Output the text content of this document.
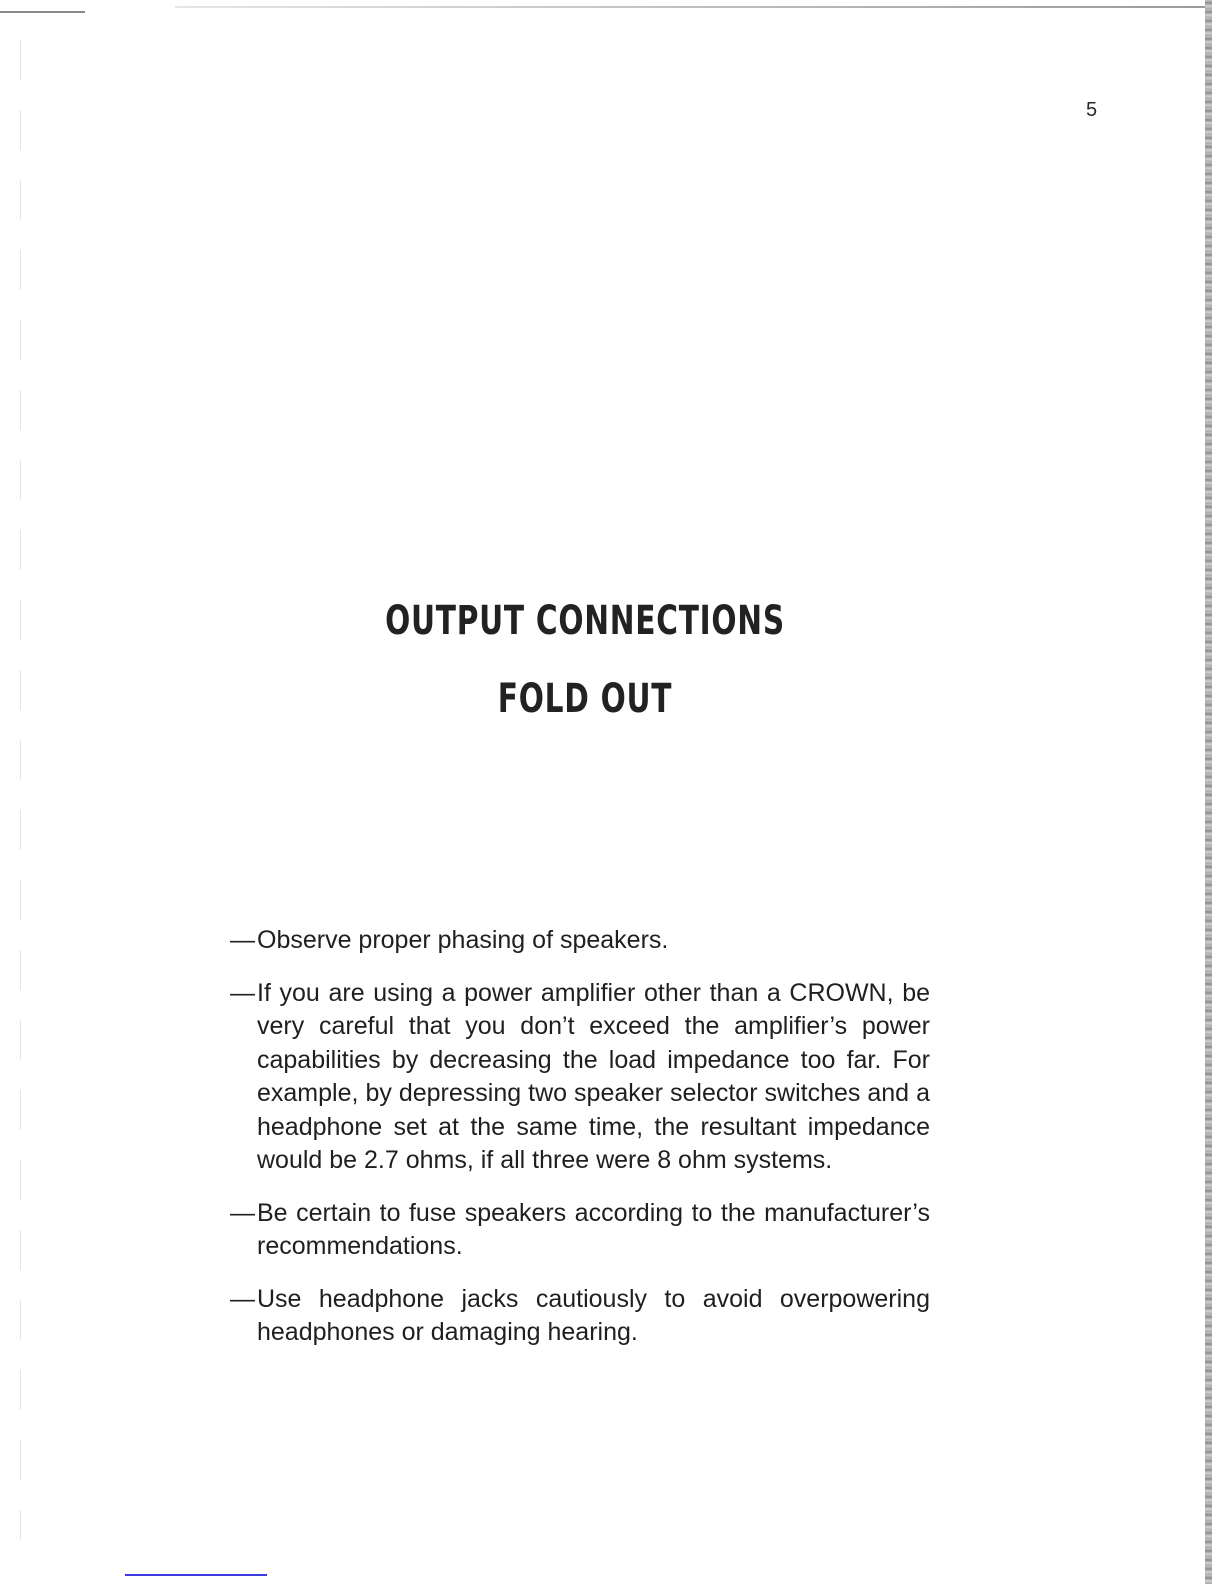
5
OUTPUT CONNECTIONS
FOLD OUT
— Observe proper phasing of speakers.
— If you are using a power amplifier other than a CROWN, be very careful that you don’t exceed the amplifier’s power capabilities by decreasing the load impedance too far. For example, by depressing two speaker selector switches and a headphone set at the same time, the resultant impedance would be 2.7 ohms, if all three were 8 ohm systems.
— Be certain to fuse speakers according to the manufacturer’s recommendations.
— Use headphone jacks cautiously to avoid overpowering headphones or damaging hearing.
